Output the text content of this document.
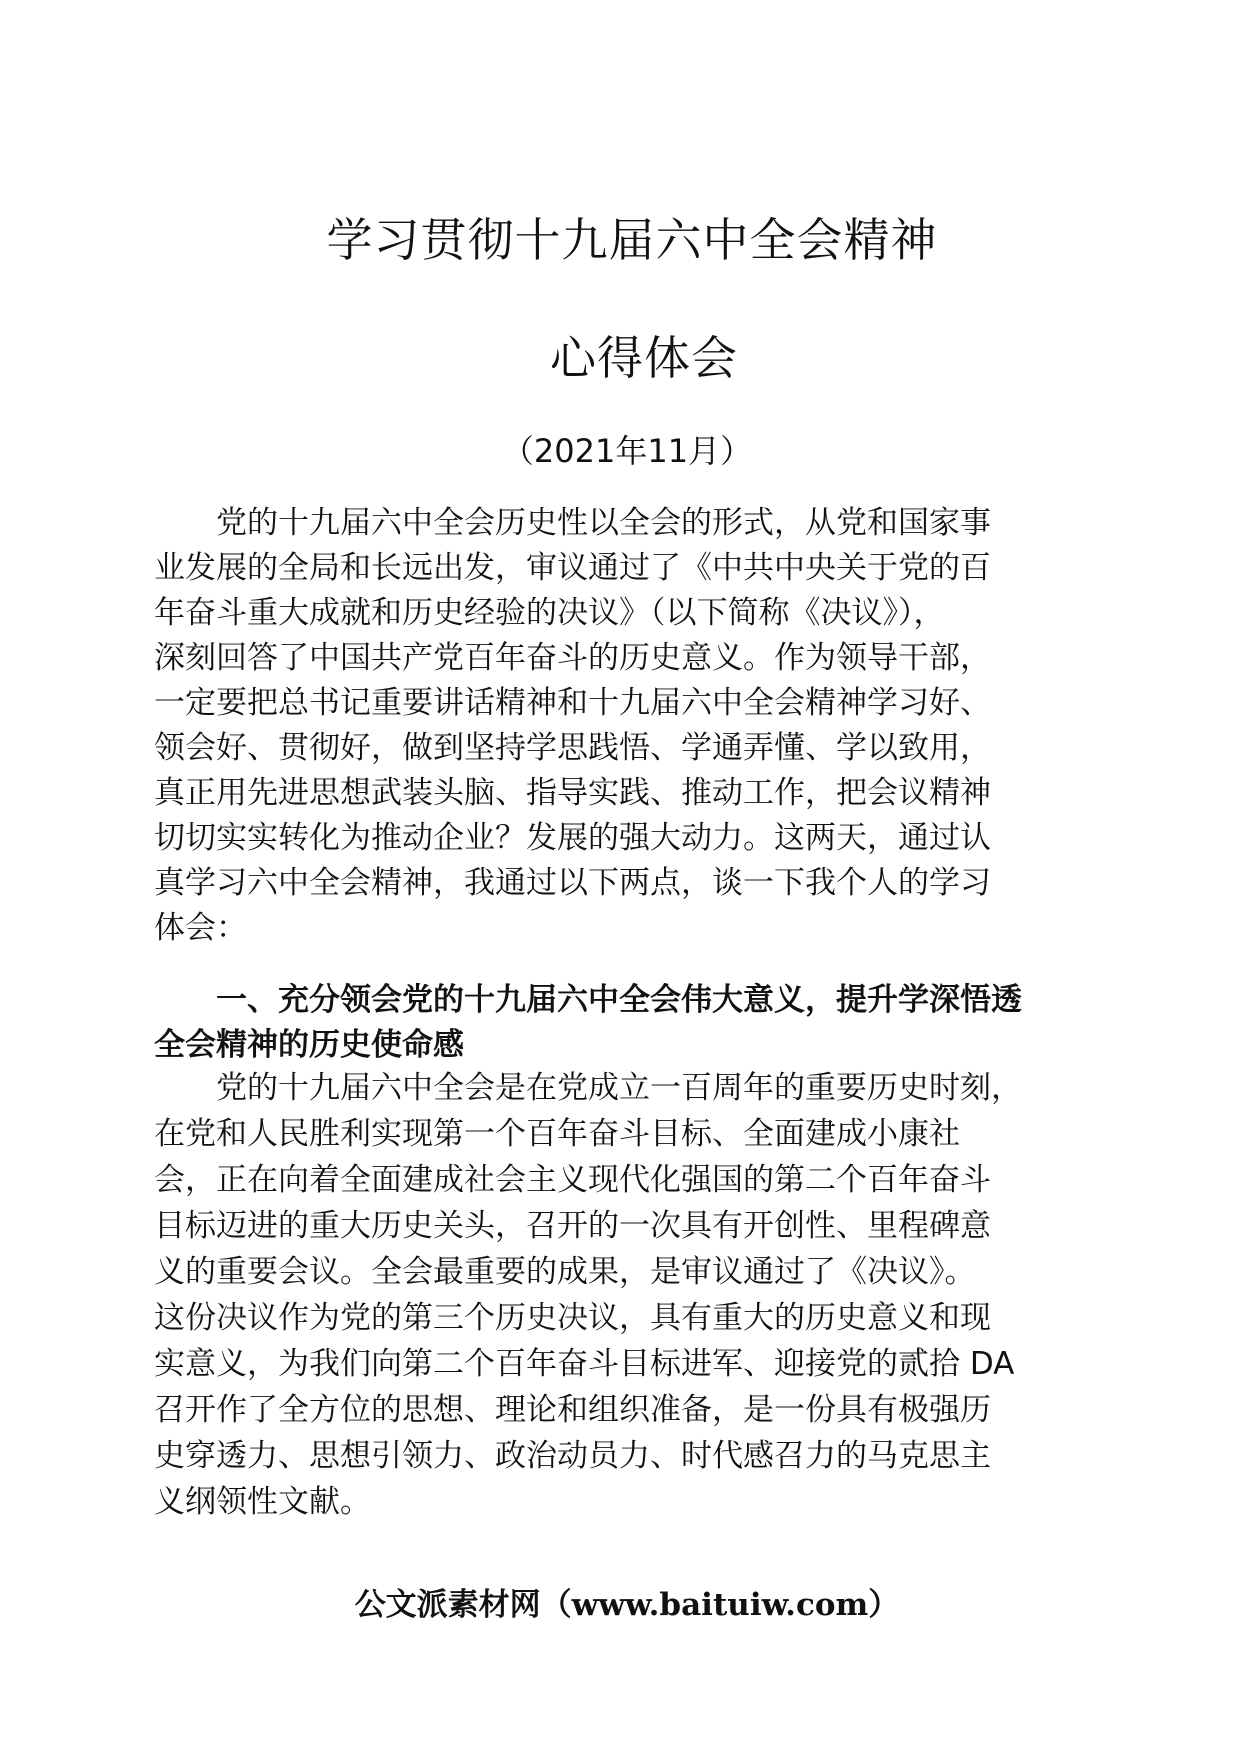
学习贯彻十九届六中全会精神
心得体会
（2021年11月）
　　党的十九届六中全会历史性以全会的形式，从党和国家事
业发展的全局和长远出发，审议通过了《中共中央关于党的百
年奋斗重大成就和历史经验的决议》（以下简称《决议》），
深刻回答了中国共产党百年奋斗的历史意义。作为领导干部，
一定要把总书记重要讲话精神和十九届六中全会精神学习好、
领会好、贯彻好，做到坚持学思践悟、学通弄懂、学以致用，
真正用先进思想武装头脑、指导实践、推动工作，把会议精神
切切实实转化为推动企业？发展的强大动力。这两天，通过认
真学习六中全会精神，我通过以下两点，谈一下我个人的学习
体会：
　　一、充分领会党的十九届六中全会伟大意义，提升学深悟透
全会精神的历史使命感
　　党的十九届六中全会是在党成立一百周年的重要历史时刻，
在党和人民胜利实现第一个百年奋斗目标、全面建成小康社
会，正在向着全面建成社会主义现代化强国的第二个百年奋斗
目标迈进的重大历史关头，召开的一次具有开创性、里程碑意
义的重要会议。全会最重要的成果，是审议通过了《决议》。
这份决议作为党的第三个历史决议，具有重大的历史意义和现
实意义，为我们向第二个百年奋斗目标进军、迎接党的贰拾 DA
召开作了全方位的思想、理论和组织准备，是一份具有极强历
史穿透力、思想引领力、政治动员力、时代感召力的马克思主
义纲领性文献。
公文派素材网（www.baituiw.com）
